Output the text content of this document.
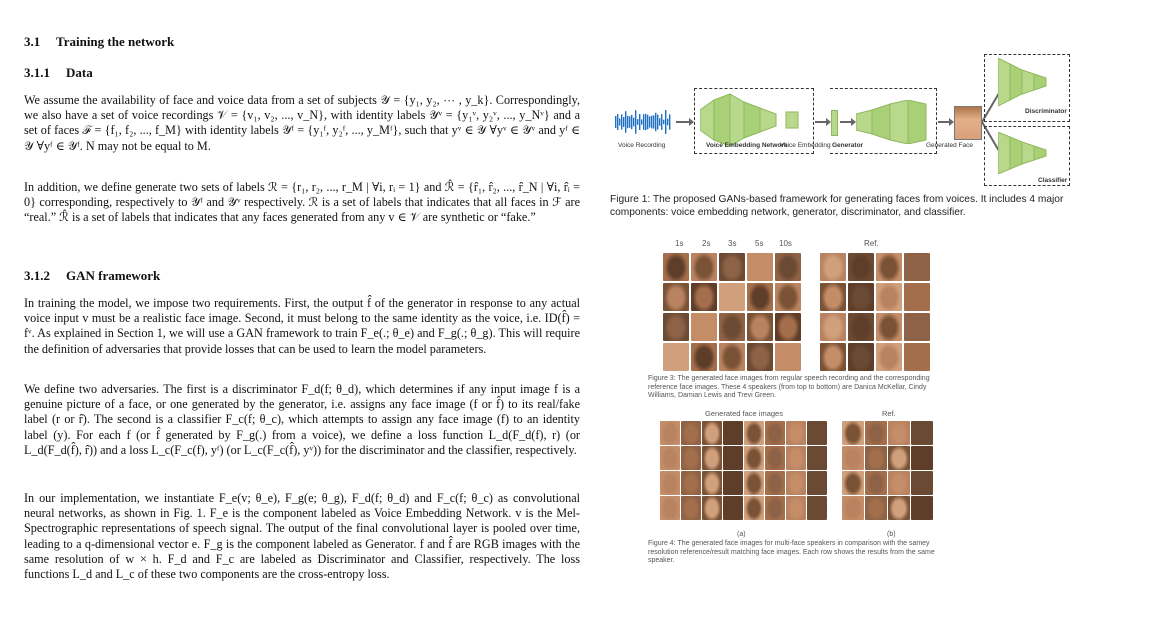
3.1 Training the network
3.1.1 Data

We assume the availability of face and voice data from a set of subjects 𝒴 = {y₁, y₂, ⋯ , y_k}. Correspondingly, we also have a set of voice recordings 𝒱 = {v₁, v₂, ..., v_N}, with identity labels 𝒴ᵛ = {y₁ᵛ, y₂ᵛ, ..., y_Nᵛ} and a set of faces ℱ = {f₁, f₂, ..., f_M} with identity labels 𝒴ᶠ = {y₁ᶠ, y₂ᶠ, ..., y_Mᶠ}, such that yᵛ ∈ 𝒴 ∀yᵛ ∈ 𝒴ᵛ and yᶠ ∈ 𝒴 ∀yᶠ ∈ 𝒴ᶠ. N may not be equal to M.

In addition, we define generate two sets of labels ℛ = {r₁, r₂, ..., r_M | ∀i, rᵢ = 1} and ℛ̂ = {r̂₁, r̂₂, ..., r̂_N | ∀i, r̂ᵢ = 0} corresponding, respectively to 𝒴ᶠ and 𝒴ᵛ respectively. ℛ is a set of labels that indicates that all faces in ℱ are “real.” ℛ̂ is a set of labels that indicates that any faces generated from any v ∈ 𝒱 are synthetic or “fake.”

3.1.2 GAN framework

In training the model, we impose two requirements. First, the output f̂ of the generator in response to any actual voice input v must be a realistic face image. Second, it must belong to the same identity as the voice, i.e. ID(f̂) = fᵛ. As explained in Section 1, we will use a GAN framework to train F_e(.; θ_e) and F_g(.; θ_g). This will require the definition of adversaries that provide losses that can be used to learn the model parameters.

We define two adversaries. The first is a discriminator F_d(f; θ_d), which determines if any input image f is a genuine picture of a face, or one generated by the generator, i.e. assigns any face image (f or f̂) to its real/fake label (r or r̂). The second is a classifier F_c(f; θ_c), which attempts to assign any face image (f) to an identity label (y). For each f (or f̂ generated by F_g(.) from a voice), we define a loss function L_d(F_d(f), r) (or L_d(F_d(f̂), r̂)) and a loss L_c(F_c(f), yᶠ) (or L_c(F_c(f̂), yᵛ)) for the discriminator and the classifier, respectively.

In our implementation, we instantiate F_e(v; θ_e), F_g(e; θ_g), F_d(f; θ_d) and F_c(f; θ_c) as convolutional neural networks, as shown in Fig. 1. F_e is the component labeled as Voice Embedding Network. v is the Mel-Spectrographic representations of speech signal. The output of the final convolutional layer is pooled over time, leading to a q-dimensional vector e. F_g is the component labeled as Generator. f and f̂ are RGB images with the same resolution of w × h. F_d and F_c are labeled as Discriminator and Classifier, respectively. The loss functions L_d and L_c of these two components are the cross-entropy loss.

Voice Recording	Voice Embedding Network
Voice Embedding Generator	Generated Face
Discriminator
Classifier
Figure 1: The proposed GANs-based framework for generating faces from voices. It includes 4 major components: voice embedding network, generator, discriminator, and classifier.
1s 2s 3s 5s 10s	Ref.
Figure 3: The generated face images from regular speech recording and the corresponding reference face images. These 4 speakers (from top to bottom) are Danica McKellar, Cindy Williams, Damian Lewis and Trevi Green.
Generated face images	Ref.
(a)	(b)
Figure 4: The generated face images for multi-face speakers in comparison with the samey resolution reference/result matching face images. Each row shows the results from the same speaker.
